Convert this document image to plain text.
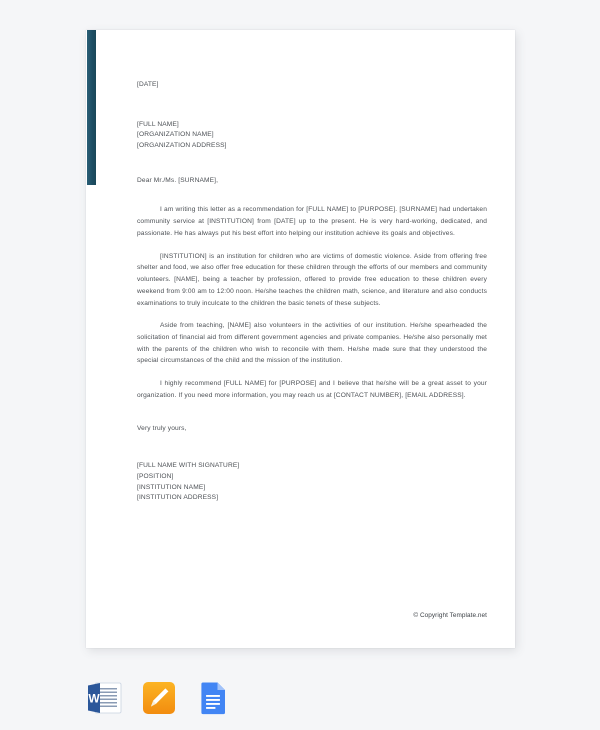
[DATE]
[FULL NAME]
[ORGANIZATION NAME]
[ORGANIZATION ADDRESS]
Dear Mr./Ms. [SURNAME],

I am writing this letter as a recommendation for [FULL NAME] to [PURPOSE]. [SURNAME] had undertaken community service at [INSTITUTION] from [DATE] up to the present. He is very hard-working, dedicated, and passionate. He has always put his best effort into helping our institution achieve its goals and objectives.

[INSTITUTION] is an institution for children who are victims of domestic violence. Aside from offering free shelter and food, we also offer free education for these children through the efforts of our members and community volunteers. [NAME], being a teacher by profession, offered to provide free education to these children every weekend from 9:00 am to 12:00 noon. He/she teaches the children math, science, and literature and also conducts examinations to truly inculcate to the children the basic tenets of these subjects.

Aside from teaching, [NAME] also volunteers in the activities of our institution. He/she spearheaded the solicitation of financial aid from different government agencies and private companies. He/she also personally met with the parents of the children who wish to reconcile with them. He/she made sure that they understood the special circumstances of the child and the mission of the institution.

I highly recommend [FULL NAME] for [PURPOSE] and I believe that he/she will be a great asset to your organization. If you need more information, you may reach us at [CONTACT NUMBER], [EMAIL ADDRESS].

Very truly yours,
[FULL NAME WITH SIGNATURE]
[POSITION]
[INSTITUTION NAME]
[INSTITUTION ADDRESS]
© Copyright Template.net
W
